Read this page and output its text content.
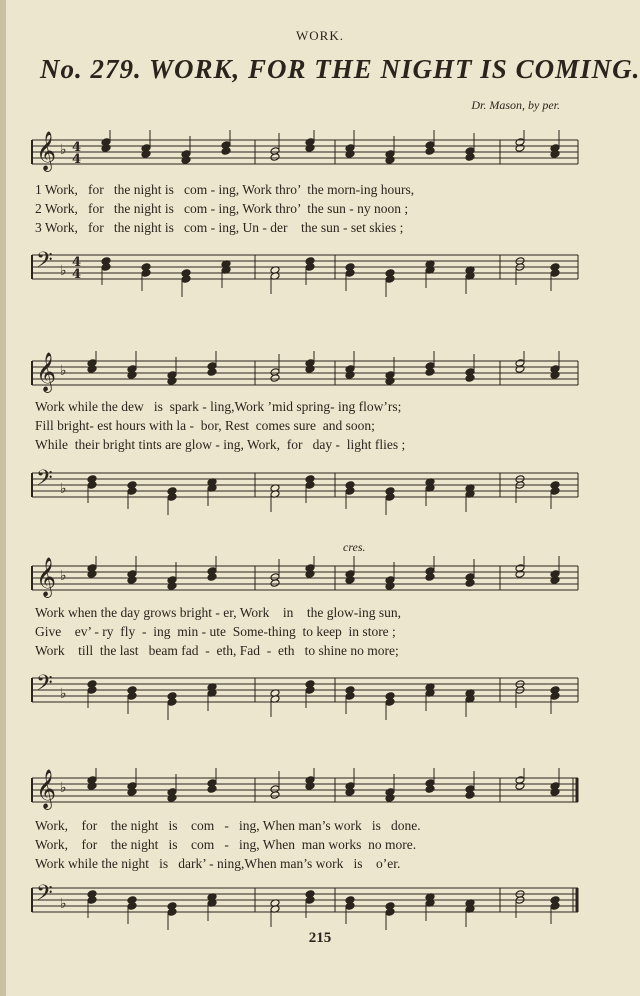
WORK.
No. 279. WORK, FOR THE NIGHT IS COMING.
Dr. Mason, by per.
𝄞 ♭ 4
4
𝄢 ♭
4
4
1 Work,   for   the night is   com - ing, Work thro’  the morn-ing hours,
2 Work,   for   the night is   com - ing, Work thro’  the sun - ny noon ;
3 Work,   for   the night is   com - ing, Un - der    the sun - set skies ;
𝄞 ♭
𝄢 ♭
Work while the dew   is  spark - ling,Work ’mid spring- ing flow’rs;
Fill bright- est hours with la -  bor, Rest  comes sure  and soon;
While  their bright tints are glow - ing, Work,  for   day -  light flies ;
cres.
𝄞 ♭
𝄢 ♭
Work when the day grows bright - er, Work    in    the glow-ing sun,
Give    ev’ - ry  fly  -  ing  min - ute  Some-thing  to keep  in store ;
Work    till  the last   beam fad  -  eth, Fad  -  eth   to shine no more;
𝄞 ♭
𝄢 ♭
Work,    for    the night   is    com   -   ing, When man’s work   is   done.
Work,    for    the night   is    com   -   ing, When  man works  no more.
Work while the night   is   dark’ - ning,When man’s work   is    o’er.
215
